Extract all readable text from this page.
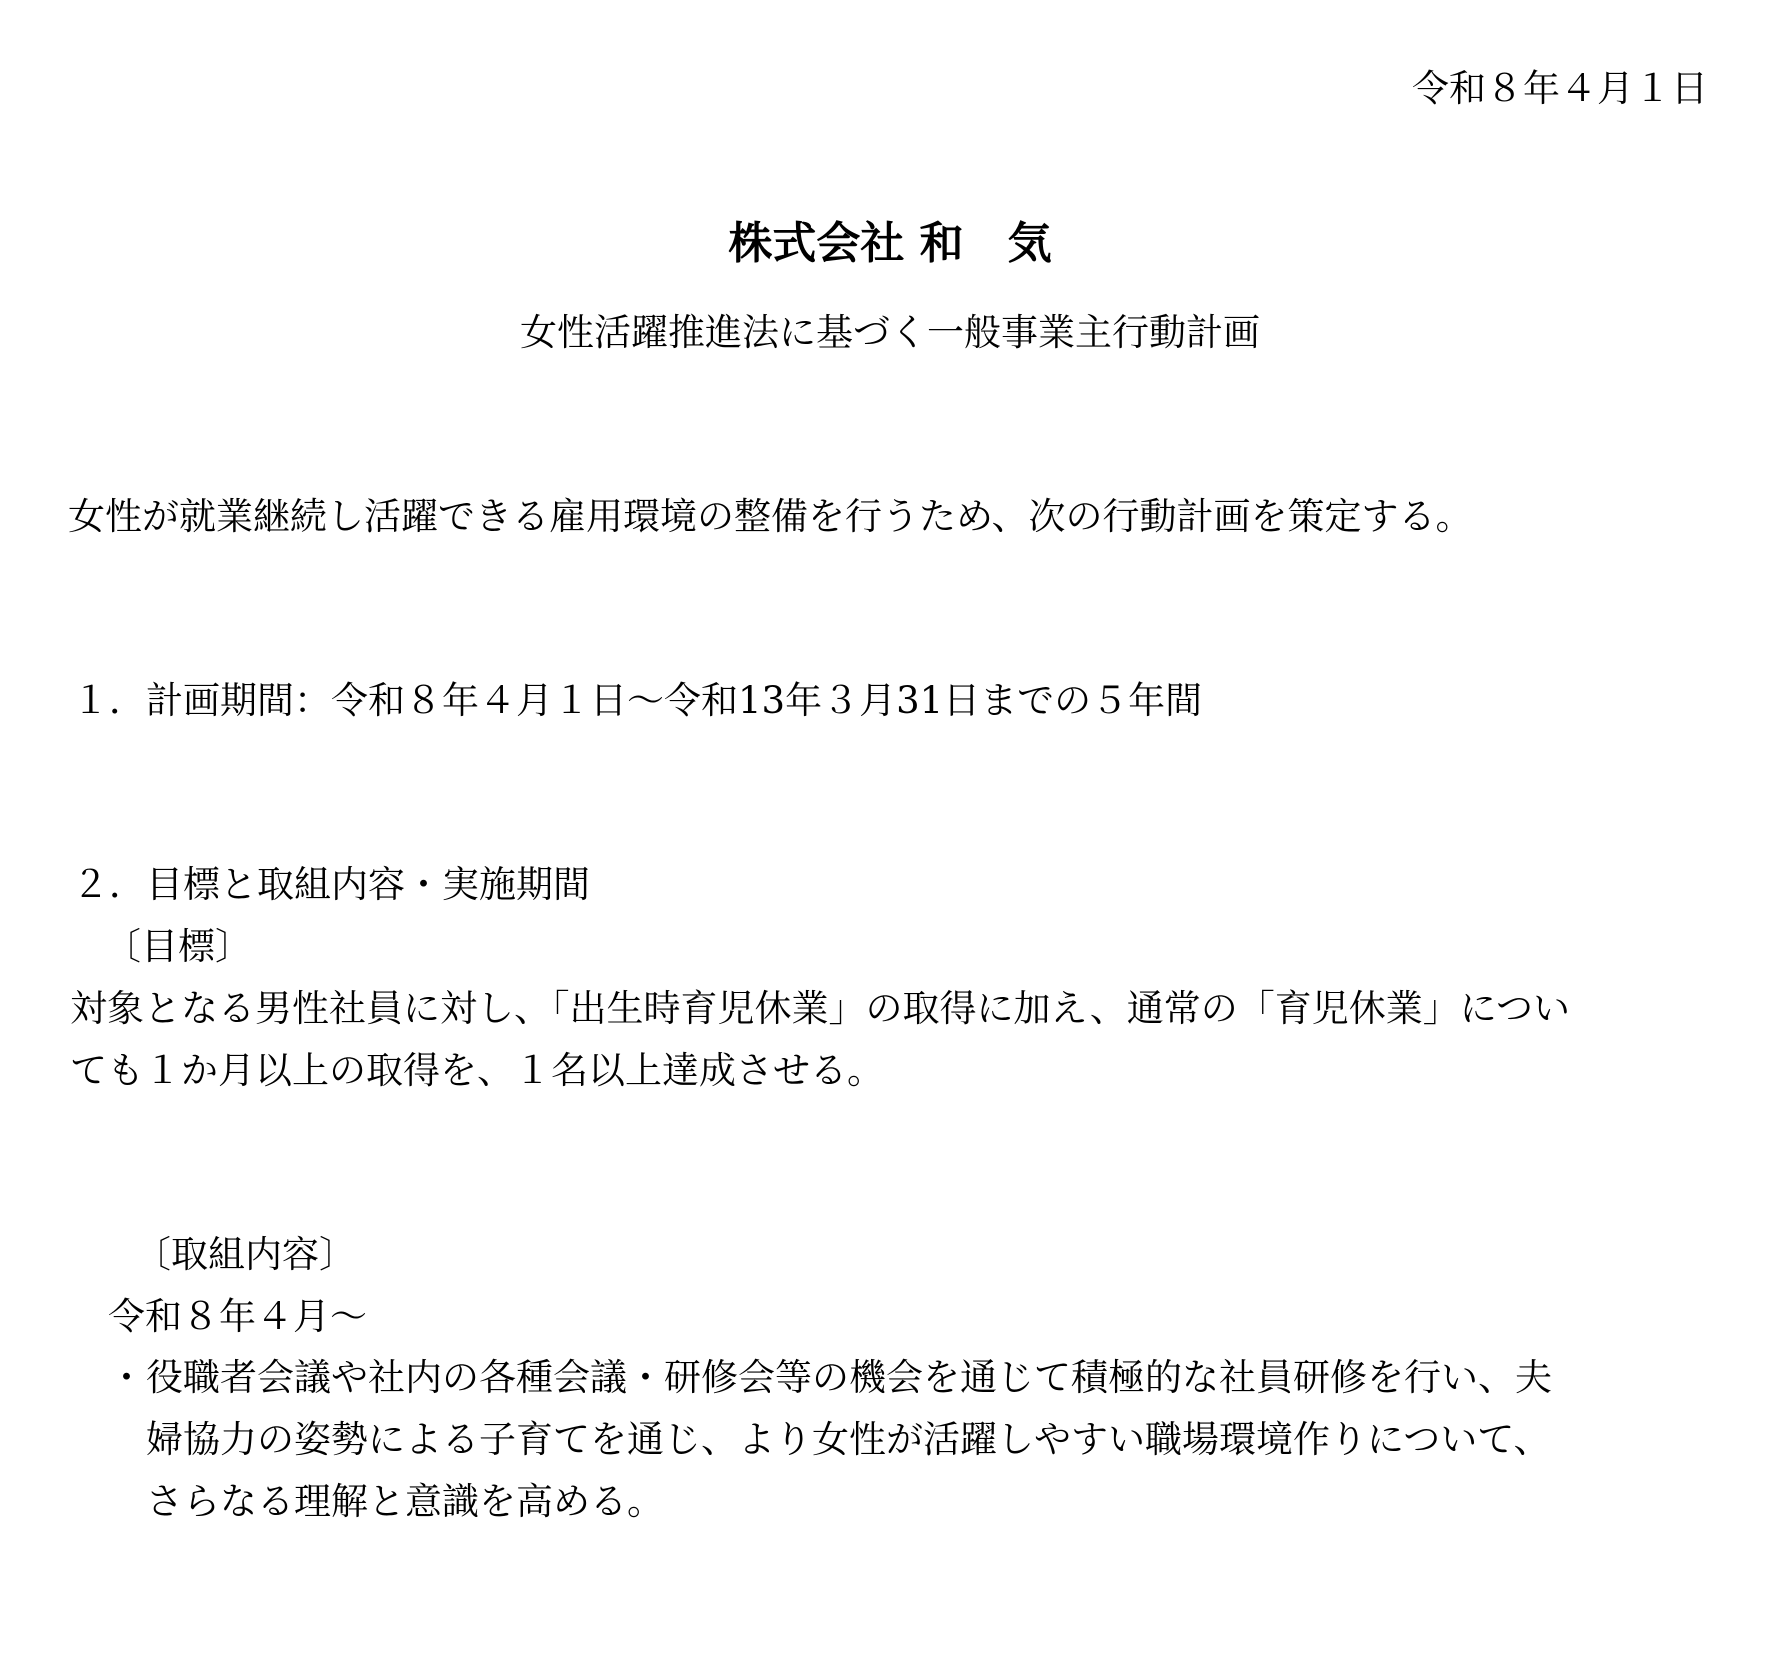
令和８年４月１日

株式会社 和　気
女性活躍推進法に基づく一般事業主行動計画

女性が就業継続し活躍できる雇用環境の整備を行うため、次の行動計画を策定する。

１．計画期間：令和８年４月１日～令和13年３月31日までの５年間

２．目標と取組内容・実施期間

〔目標〕

対象となる男性社員に対し、「出生時育児休業」の取得に加え、通常の「育児休業」につい

ても１か月以上の取得を、１名以上達成させる。

〔取組内容〕

令和８年４月～

・ 役職者会議や社内の各種会議・研修会等の機会を通じて積極的な社員研修を行い、夫

婦協力の姿勢による子育てを通じ、より女性が活躍しやすい職場環境作りについて、

さらなる理解と意識を高める。
